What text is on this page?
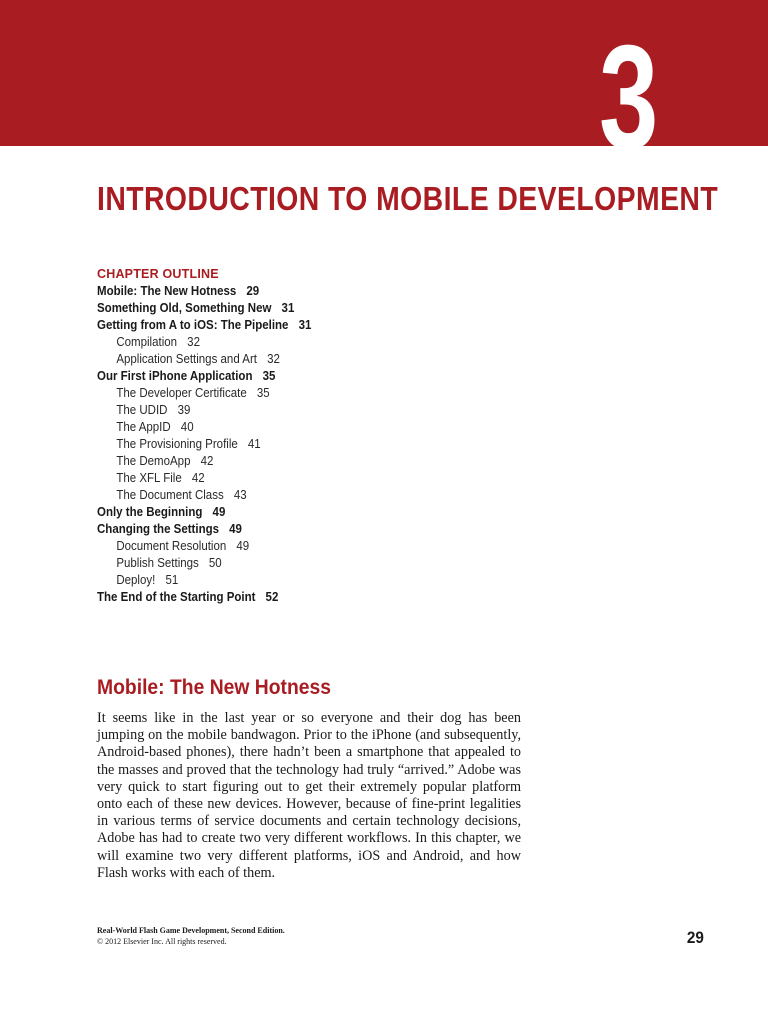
3
INTRODUCTION TO MOBILE DEVELOPMENT
CHAPTER OUTLINE
Mobile: The New Hotness 29
Something Old, Something New 31
Getting from A to iOS: The Pipeline 31
Compilation 32
Application Settings and Art 32
Our First iPhone Application 35
The Developer Certificate 35
The UDID 39
The AppID 40
The Provisioning Profile 41
The DemoApp 42
The XFL File 42
The Document Class 43
Only the Beginning 49
Changing the Settings 49
Document Resolution 49
Publish Settings 50
Deploy! 51
The End of the Starting Point 52
Mobile: The New Hotness

It seems like in the last year or so everyone and their dog has been jumping on the mobile bandwagon. Prior to the iPhone (and subsequently, Android-based phones), there hadn’t been a smartphone that appealed to the masses and proved that the technology had truly “arrived.” Adobe was very quick to start figuring out to get their extremely popular platform onto each of these new devices. However, because of fine-print legalities in various terms of service documents and certain technology decisions, Adobe has had to create two very different workflows. In this chapter, we will examine two very different platforms, iOS and Android, and how Flash works with each of them.

Real-World Flash Game Development, Second Edition.
© 2012 Elsevier Inc. All rights reserved.	29
